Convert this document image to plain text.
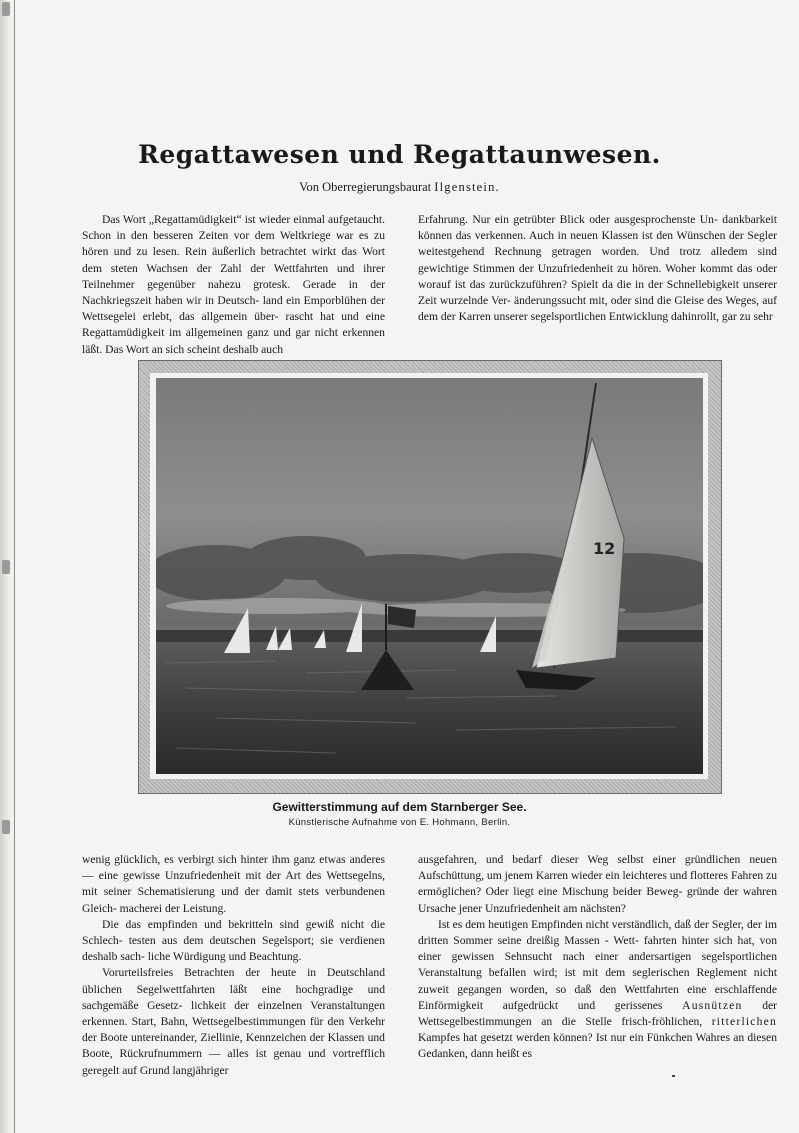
Regattawesen und Regattaunwesen.

Von Oberregierungsbaurat Ilgenstein.

Das Wort „Regattamüdigkeit“ ist wieder einmal aufgetaucht. Schon in den besseren Zeiten vor dem Weltkriege war es zu hören und zu lesen. Rein äußerlich betrachtet wirkt das Wort dem steten Wachsen der Zahl der Wettfahrten und ihrer Teilnehmer gegenüber nahezu grotesk. Gerade in der Nachkriegszeit haben wir in Deutsch- land ein Emporblühen der Wettsegelei erlebt, das allgemein über- rascht hat und eine Regattamüdigkeit im allgemeinen ganz und gar nicht erkennen läßt. Das Wort an sich scheint deshalb auch

Erfahrung. Nur ein getrübter Blick oder ausgesprochenste Un- dankbarkeit können das verkennen. Auch in neuen Klassen ist den Wünschen der Segler weitestgehend Rechnung getragen worden. Und trotz alledem sind gewichtige Stimmen der Unzufriedenheit zu hören. Woher kommt das oder worauf ist das zurückzuführen? Spielt da die in der Schnellebigkeit unserer Zeit wurzelnde Ver- änderungssucht mit, oder sind die Gleise des Weges, auf dem der Karren unserer segelsportlichen Entwicklung dahinrollt, gar zu sehr

12

Gewitterstimmung auf dem Starnberger See.

Künstlerische Aufnahme von E. Hohmann, Berlin.

wenig glücklich, es verbirgt sich hinter ihm ganz etwas anderes — eine gewisse Unzufriedenheit mit der Art des Wettsegelns, mit seiner Schematisierung und der damit stets verbundenen Gleich- macherei der Leistung.

Die das empfinden und bekritteln sind gewiß nicht die Schlech- testen aus dem deutschen Segelsport; sie verdienen deshalb sach- liche Würdigung und Beachtung.

Vorurteilsfreies Betrachten der heute in Deutschland üblichen Segelwettfahrten läßt eine hochgradige und sachgemäße Gesetz- lichkeit der einzelnen Veranstaltungen erkennen. Start, Bahn, Wettsegelbestimmungen für den Verkehr der Boote untereinander, Ziellinie, Kennzeichen der Klassen und Boote, Rückrufnummern — alles ist genau und vortrefflich geregelt auf Grund langjähriger

ausgefahren, und bedarf dieser Weg selbst einer gründlichen neuen Aufschüttung, um jenem Karren wieder ein leichteres und flotteres Fahren zu ermöglichen? Oder liegt eine Mischung beider Beweg- gründe der wahren Ursache jener Unzufriedenheit am nächsten?

Ist es dem heutigen Empfinden nicht verständlich, daß der Segler, der im dritten Sommer seine dreißig Massen - Wett- fahrten hinter sich hat, von einer gewissen Sehnsucht nach einer andersartigen segelsportlichen Veranstaltung befallen wird; ist mit dem seglerischen Reglement nicht zuweit gegangen worden, so daß den Wettfahrten eine erschlaffende Einförmigkeit aufgedrückt und gerissenes Ausnützen der Wettsegelbestimmungen an die Stelle frisch-fröhlichen, ritterlichen Kampfes hat gesetzt werden können? Ist nur ein Fünkchen Wahres an diesen Gedanken, dann heißt es
